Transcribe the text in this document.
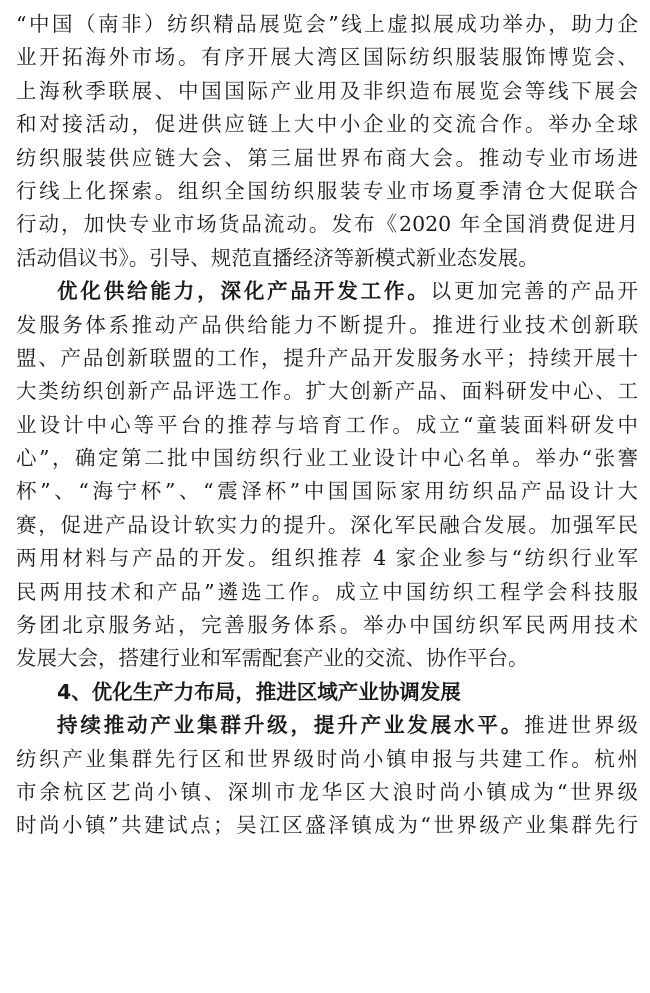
“中国（南非）纺织精品展览会”线上虚拟展成功举办，助力企
业开拓海外市场。有序开展大湾区国际纺织服装服饰博览会、
上海秋季联展、中国国际产业用及非织造布展览会等线下展会
和对接活动，促进供应链上大中小企业的交流合作。举办全球
纺织服装供应链大会、第三届世界布商大会。推动专业市场进
行线上化探索。组织全国纺织服装专业市场夏季清仓大促联合
行动，加快专业市场货品流动。发布《2020 年全国消费促进月
活动倡议书》。引导、规范直播经济等新模式新业态发展。
优化供给能力，深化产品开发工作。以更加完善的产品开
发服务体系推动产品供给能力不断提升。推进行业技术创新联
盟、产品创新联盟的工作，提升产品开发服务水平；持续开展十
大类纺织创新产品评选工作。扩大创新产品、面料研发中心、工
业设计中心等平台的推荐与培育工作。成立“童装面料研发中
心”，确定第二批中国纺织行业工业设计中心名单。举办“张謇
杯”、“海宁杯”、“震泽杯”中国国际家用纺织品产品设计大
赛，促进产品设计软实力的提升。深化军民融合发展。加强军民
两用材料与产品的开发。组织推荐 4 家企业参与“纺织行业军
民两用技术和产品”遴选工作。成立中国纺织工程学会科技服
务团北京服务站，完善服务体系。举办中国纺织军民两用技术
发展大会，搭建行业和军需配套产业的交流、协作平台。
4、优化生产力布局，推进区域产业协调发展
持续推动产业集群升级，提升产业发展水平。推进世界级
纺织产业集群先行区和世界级时尚小镇申报与共建工作。杭州
市余杭区艺尚小镇、深圳市龙华区大浪时尚小镇成为“世界级
时尚小镇”共建试点；吴江区盛泽镇成为“世界级产业集群先行
